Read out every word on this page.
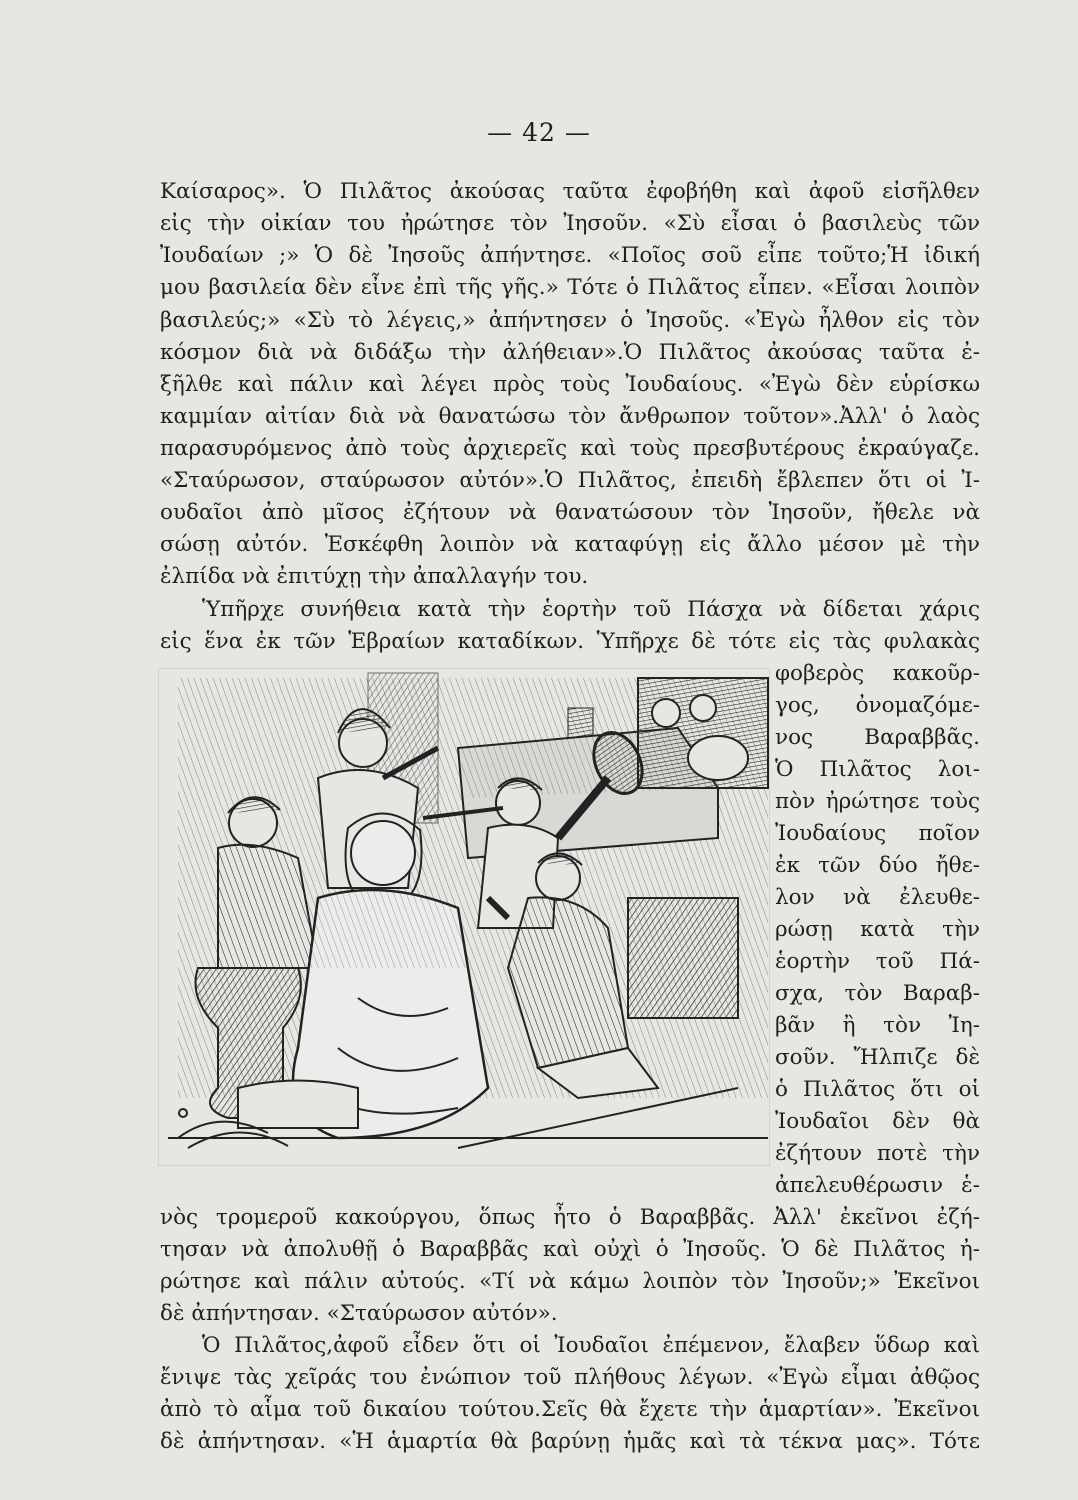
— 42 —
Καίσαρος». Ὁ Πιλᾶτος ἀκούσας ταῦτα ἐφοβήθη καὶ ἀφοῦ εἰσῆλθεν
εἰς τὴν οἰκίαν του ἠρώτησε τὸν Ἰησοῦν. «Σὺ εἶσαι ὁ βασιλεὺς τῶν
Ἰουδαίων ;» Ὁ δὲ Ἰησοῦς ἀπήντησε. «Ποῖος σοῦ εἶπε τοῦτο;Ἡ ἰδική
μου βασιλεία δὲν εἶνε ἐπὶ τῆς γῆς.» Τότε ὁ Πιλᾶτος εἶπεν. «Εἶσαι λοιπὸν
βασιλεύς;» «Σὺ τὸ λέγεις,» ἀπήντησεν ὁ Ἰησοῦς. «Ἐγὼ ἦλθον εἰς τὸν
κόσμον διὰ νὰ διδάξω τὴν ἀλήθειαν».Ὁ Πιλᾶτος ἀκούσας ταῦτα ἐ-
ξῆλθε καὶ πάλιν καὶ λέγει πρὸς τοὺς Ἰουδαίους. «Ἐγὼ δὲν εὑρίσκω
καμμίαν αἰτίαν διὰ νὰ θανατώσω τὸν ἄνθρωπον τοῦτον».Ἀλλ' ὁ λαὸς
παρασυρόμενος ἀπὸ τοὺς ἀρχιερεῖς καὶ τοὺς πρεσβυτέρους ἐκραύγαζε.
«Σταύρωσον, σταύρωσον αὐτόν».Ὁ Πιλᾶτος, ἐπειδὴ ἔβλεπεν ὅτι οἱ Ἰ-
ουδαῖοι ἀπὸ μῖσος ἐζήτουν νὰ θανατώσουν τὸν Ἰησοῦν, ἤθελε νὰ
σώσῃ αὐτόν. Ἐσκέφθη λοιπὸν νὰ καταφύγῃ εἰς ἄλλο μέσον μὲ τὴν
ἐλπίδα νὰ ἐπιτύχῃ τὴν ἀπαλλαγήν του.
Ὑπῆρχε συνήθεια κατὰ τὴν ἑορτὴν τοῦ Πάσχα νὰ δίδεται χάρις
εἰς ἕνα ἐκ τῶν Ἑβραίων καταδίκων. Ὑπῆρχε δὲ τότε εἰς τὰς φυλακὰς
φοβερὸς κακοῦρ-
γος, ὀνομαζόμε-
νος Βαραββᾶς.
Ὁ Πιλᾶτος λοι-
πὸν ἠρώτησε τοὺς
Ἰουδαίους ποῖον
ἐκ τῶν δύο ἤθε-
λον νὰ ἐλευθε-
ρώσῃ κατὰ τὴν
ἑορτὴν τοῦ Πά-
σχα, τὸν Βαραβ-
βᾶν ἢ τὸν Ἰη-
σοῦν. Ἤλπιζε δὲ
ὁ Πιλᾶτος ὅτι οἱ
Ἰουδαῖοι δὲν θὰ
ἐζήτουν ποτὲ τὴν
ἀπελευθέρωσιν ἑ-
νὸς τρομεροῦ κακούργου, ὅπως ἦτο ὁ Βαραββᾶς. Ἀλλ' ἐκεῖνοι ἐζή-
τησαν νὰ ἀπολυθῇ ὁ Βαραββᾶς καὶ οὐχὶ ὁ Ἰησοῦς. Ὁ δὲ Πιλᾶτος ἠ-
ρώτησε καὶ πάλιν αὐτούς. «Τί νὰ κάμω λοιπὸν τὸν Ἰησοῦν;» Ἐκεῖνοι
δὲ ἀπήντησαν. «Σταύρωσον αὐτόν».
Ὁ Πιλᾶτος,ἀφοῦ εἶδεν ὅτι οἱ Ἰουδαῖοι ἐπέμενον, ἔλαβεν ὕδωρ καὶ
ἔνιψε τὰς χεῖράς του ἐνώπιον τοῦ πλήθους λέγων. «Ἐγὼ εἶμαι ἀθῷος
ἀπὸ τὸ αἷμα τοῦ δικαίου τούτου.Σεῖς θὰ ἔχετε τὴν ἁμαρτίαν». Ἐκεῖνοι
δὲ ἀπήντησαν. «Ἡ ἁμαρτία θὰ βαρύνῃ ἡμᾶς καὶ τὰ τέκνα μας». Τότε
